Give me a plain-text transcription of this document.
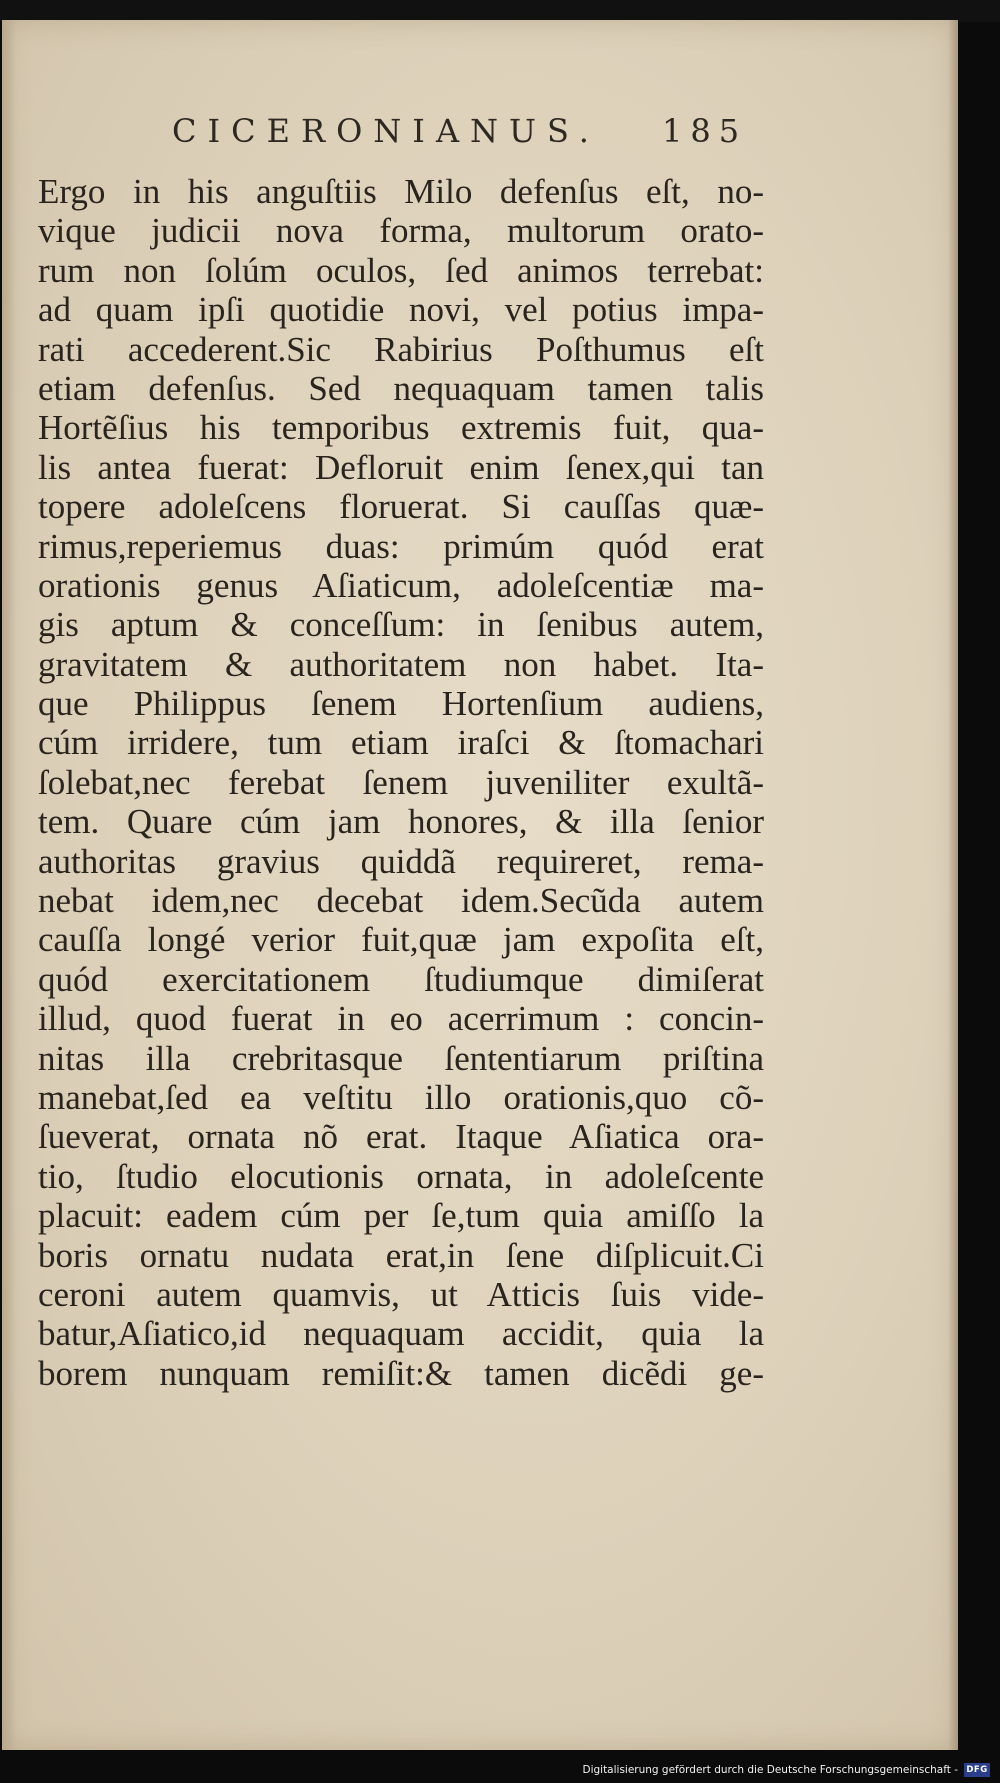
CICERONIANUS. 185
Ergo in his anguſtiis Milo defenſus eſt, no-
vique judicii nova forma, multorum orato-
rum non ſolúm oculos, ſed animos terrebat:
ad quam ipſi quotidie novi, vel potius impa-
rati accederent.Sic Rabirius Poſthumus eſt
etiam defenſus. Sed nequaquam tamen talis
Hortẽſius his temporibus extremis fuit, qua-
lis antea fuerat: Defloruit enim ſenex,qui tan
topere adoleſcens floruerat. Si cauſſas quæ-
rimus,reperiemus duas: primúm quód erat
orationis genus Aſiaticum, adoleſcentiæ ma-
gis aptum & conceſſum: in ſenibus autem,
gravitatem & authoritatem non habet. Ita-
que Philippus ſenem Hortenſium audiens,
cúm irridere, tum etiam iraſci & ſtomachari
ſolebat,nec ferebat ſenem juveniliter exultã-
tem. Quare cúm jam honores, & illa ſenior
authoritas gravius quiddã requireret, rema-
nebat idem,nec decebat idem.Secũda autem
cauſſa longé verior fuit,quæ jam expoſita eſt,
quód exercitationem ſtudiumque dimiſerat
illud, quod fuerat in eo acerrimum : concin-
nitas illa crebritasque ſententiarum priſtina
manebat,ſed ea veſtitu illo orationis,quo cõ-
ſueverat, ornata nõ erat. Itaque Aſiatica ora-
tio, ſtudio elocutionis ornata, in adoleſcente
placuit: eadem cúm per ſe,tum quia amiſſo la
boris ornatu nudata erat,in ſene diſplicuit.Ci
ceroni autem quamvis, ut Atticis ſuis vide-
batur,Aſiatico,id nequaquam accidit, quia la
borem nunquam remiſit:& tamen dicẽdi ge-
Digitalisierung gefördert durch die Deutsche Forschungsgemeinschaft - DFG
